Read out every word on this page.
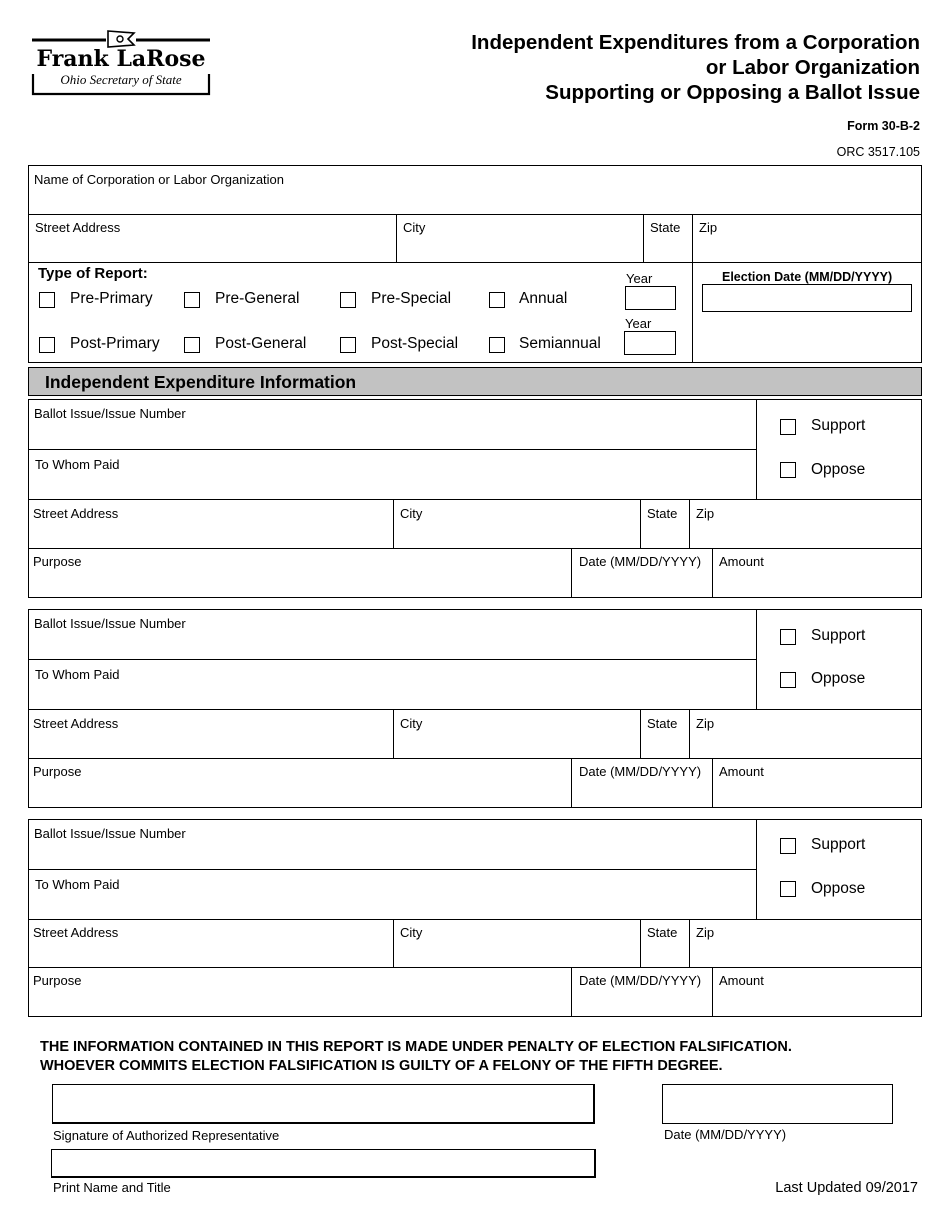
Frank LaRose
Ohio Secretary of State
Independent Expenditures from a Corporation
or Labor Organization
Supporting or Opposing a Ballot Issue
Form 30-B-2
ORC 3517.105
Name of Corporation or Labor Organization
Street Address	City	State Zip
Type of Report:
Pre-Primary	Pre-General	Pre-Special	Annual
Post-Primary	Post-General	Post-Special	Semiannual
Year
Year
Election Date (MM/DD/YYYY)
Independent Expenditure Information
Ballot Issue/Issue Number
To Whom Paid
Support
Oppose
Street Address	City	State Zip
Purpose	Date (MM/DD/YYYY) Amount
Ballot Issue/Issue Number
To Whom Paid
Support
Oppose
Street Address	City	State Zip
Purpose	Date (MM/DD/YYYY) Amount
Ballot Issue/Issue Number
To Whom Paid
Support
Oppose
Street Address	City	State Zip
Purpose	Date (MM/DD/YYYY) Amount
THE INFORMATION CONTAINED IN THIS REPORT IS MADE UNDER PENALTY OF ELECTION FALSIFICATION.
WHOEVER COMMITS ELECTION FALSIFICATION IS GUILTY OF A FELONY OF THE FIFTH DEGREE.
Signature of Authorized Representative	Date (MM/DD/YYYY)
Print Name and Title	Last Updated 09/2017
